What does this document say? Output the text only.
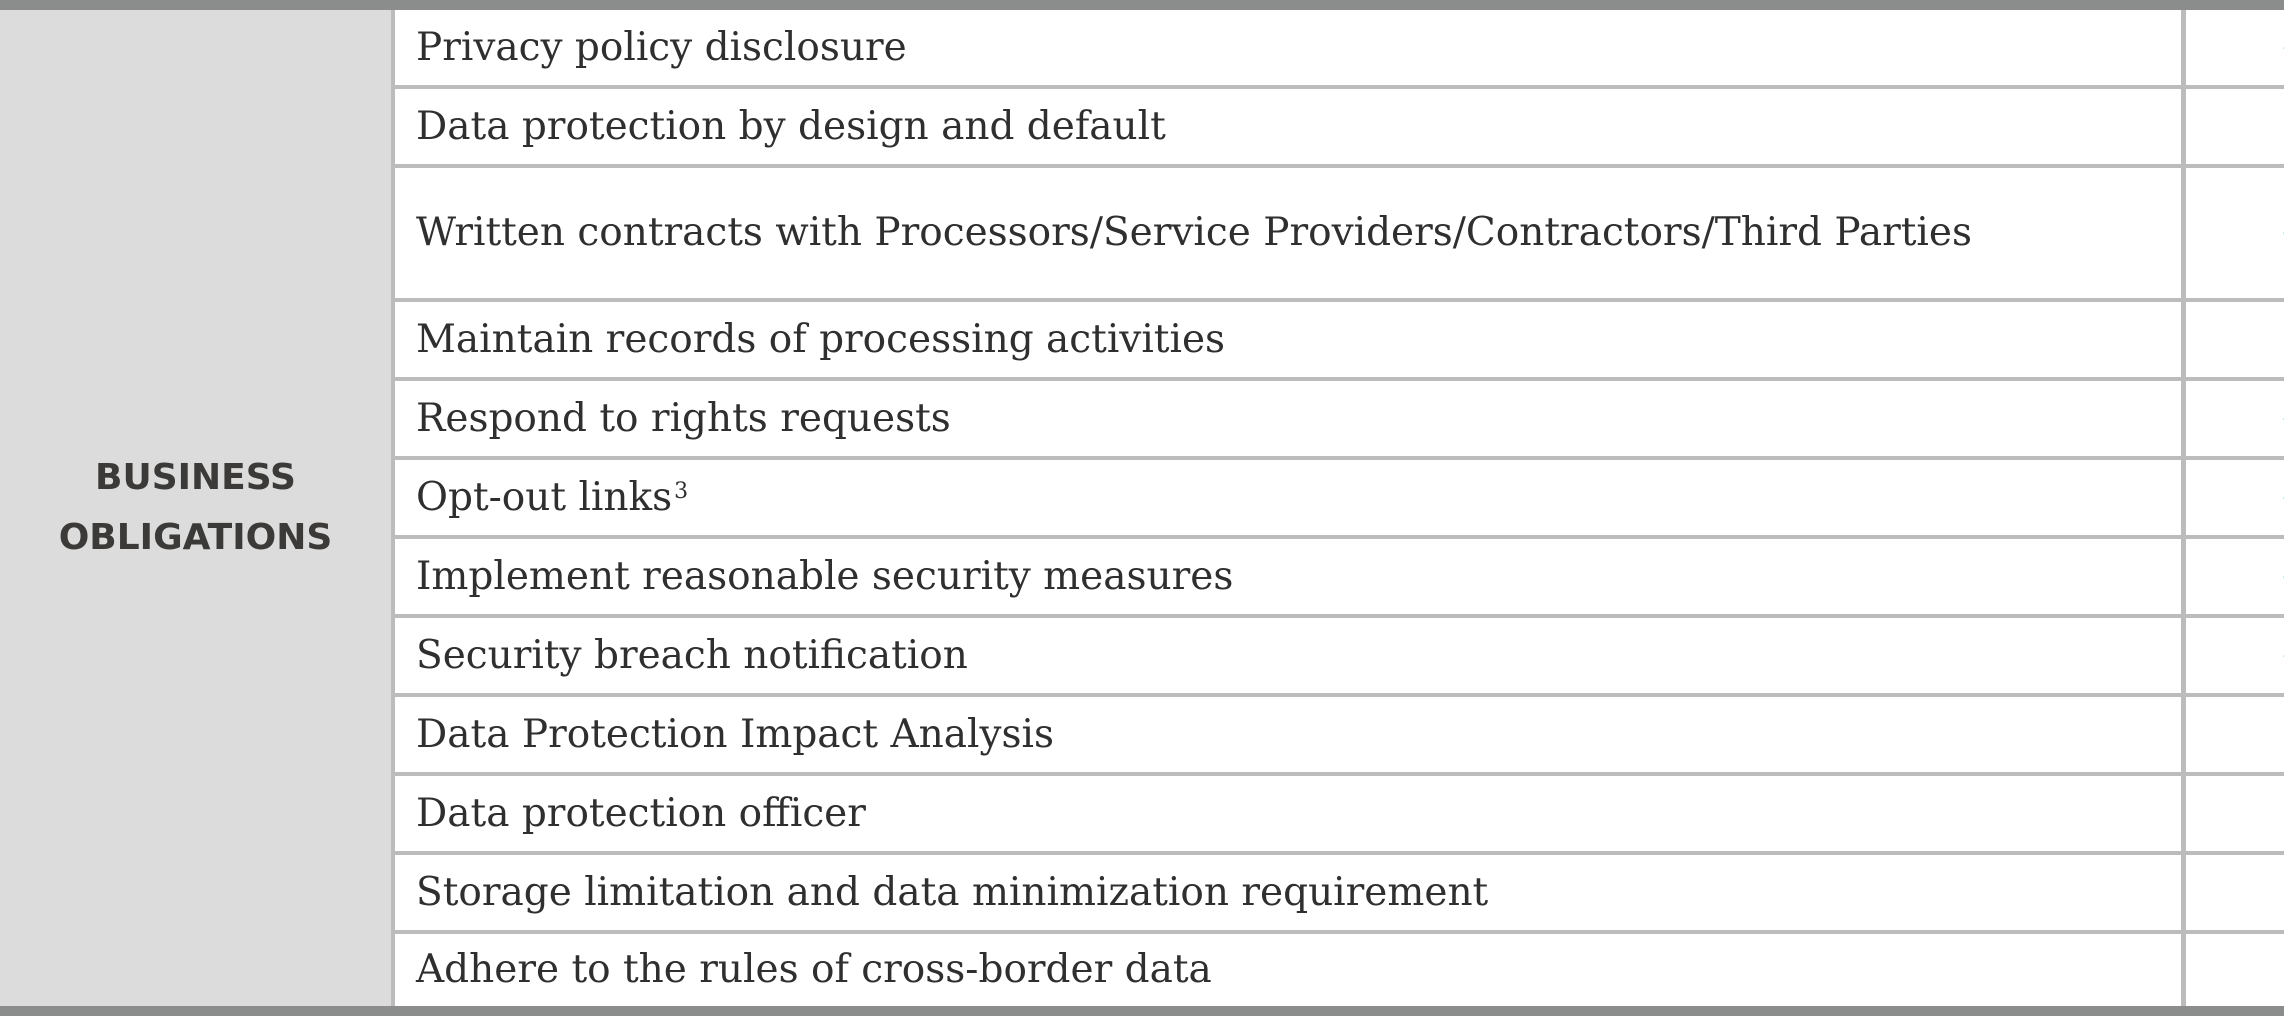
BUSINESS OBLIGATIONS
Privacy policy disclosure
Data protection by design and default
Written contracts with Processors/Service Providers/Contractors/Third Parties
Maintain records of processing activities
Respond to rights requests
Opt-out links$^3$
Implement reasonable security measures
Security breach notification
Data Protection Impact Analysis
Data protection officer
Storage limitation and data minimization requirement
Adhere to the rules of cross-border data
